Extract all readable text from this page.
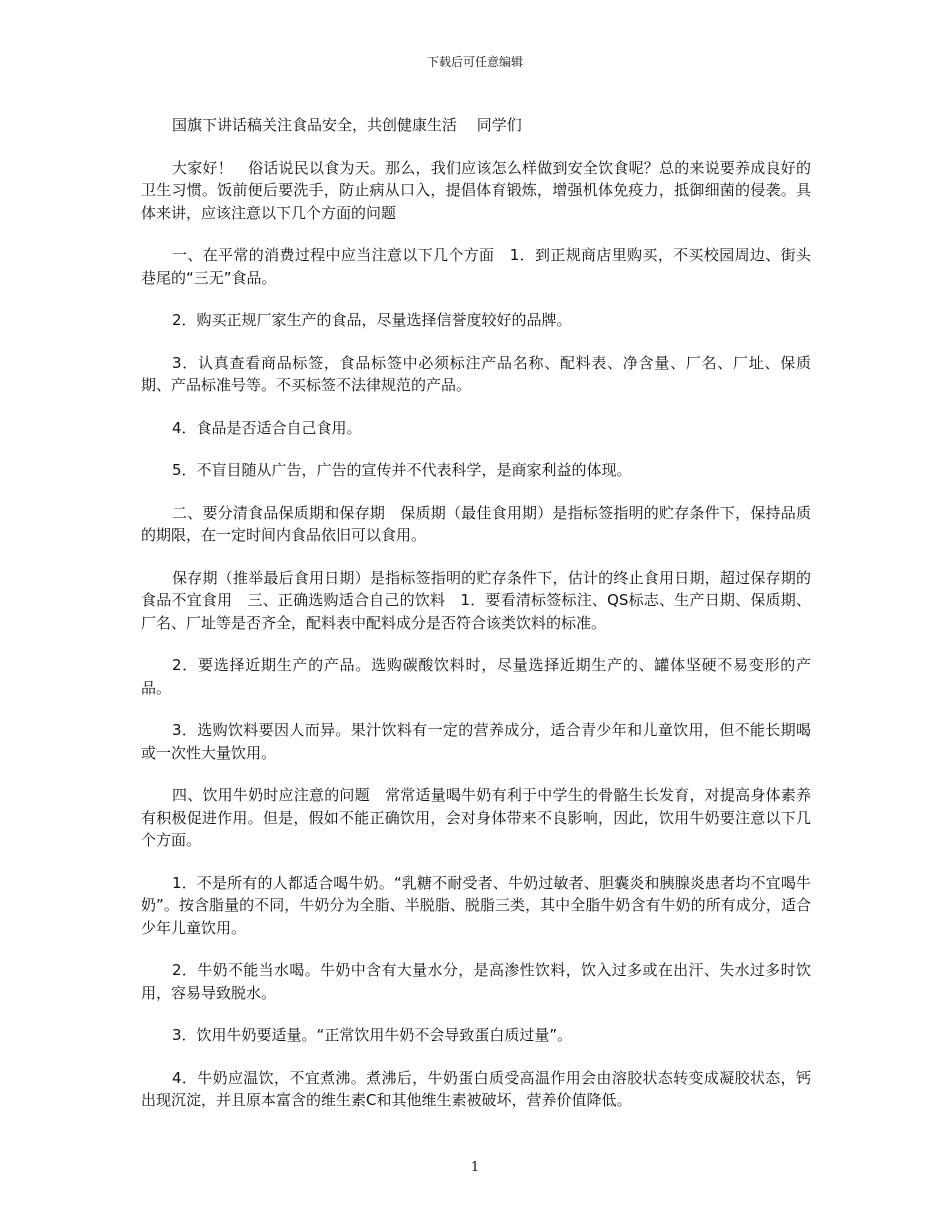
下载后可任意编辑

国旗下讲话稿关注食品安全，共创健康生活　 同学们

大家好！　俗话说民以食为天。那么，我们应该怎么样做到安全饮食呢？总的来说要养成良好的卫生习惯。饭前便后要洗手，防止病从口入，提倡体育锻炼，增强机体免疫力，抵御细菌的侵袭。具体来讲，应该注意以下几个方面的问题

一、在平常的消费过程中应当注意以下几个方面　1．到正规商店里购买，不买校园周边、街头巷尾的“三无”食品。

2．购买正规厂家生产的食品，尽量选择信誉度较好的品牌。

3．认真查看商品标签，食品标签中必须标注产品名称、配料表、净含量、厂名、厂址、保质期、产品标准号等。不买标签不法律规范的产品。

4．食品是否适合自己食用。

5．不盲目随从广告，广告的宣传并不代表科学，是商家利益的体现。

二、要分清食品保质期和保存期　保质期（最佳食用期）是指标签指明的贮存条件下，保持品质的期限，在一定时间内食品依旧可以食用。

保存期（推举最后食用日期）是指标签指明的贮存条件下，估计的终止食用日期，超过保存期的食品不宜食用　三、正确选购适合自己的饮料　1．要看清标签标注、QS标志、生产日期、保质期、厂名、厂址等是否齐全，配料表中配料成分是否符合该类饮料的标准。

2．要选择近期生产的产品。选购碳酸饮料时，尽量选择近期生产的、罐体坚硬不易变形的产品。

3．选购饮料要因人而异。果汁饮料有一定的营养成分，适合青少年和儿童饮用，但不能长期喝或一次性大量饮用。

四、饮用牛奶时应注意的问题　常常适量喝牛奶有利于中学生的骨骼生长发育，对提高身体素养有积极促进作用。但是，假如不能正确饮用，会对身体带来不良影响，因此，饮用牛奶要注意以下几个方面。

1．不是所有的人都适合喝牛奶。“乳糖不耐受者、牛奶过敏者、胆囊炎和胰腺炎患者均不宜喝牛奶”。按含脂量的不同，牛奶分为全脂、半脱脂、脱脂三类，其中全脂牛奶含有牛奶的所有成分，适合少年儿童饮用。

2．牛奶不能当水喝。牛奶中含有大量水分，是高渗性饮料，饮入过多或在出汗、失水过多时饮用，容易导致脱水。

3．饮用牛奶要适量。“正常饮用牛奶不会导致蛋白质过量”。

4．牛奶应温饮，不宜煮沸。煮沸后，牛奶蛋白质受高温作用会由溶胶状态转变成凝胶状态，钙出现沉淀，并且原本富含的维生素C和其他维生素被破坏，营养价值降低。

1
